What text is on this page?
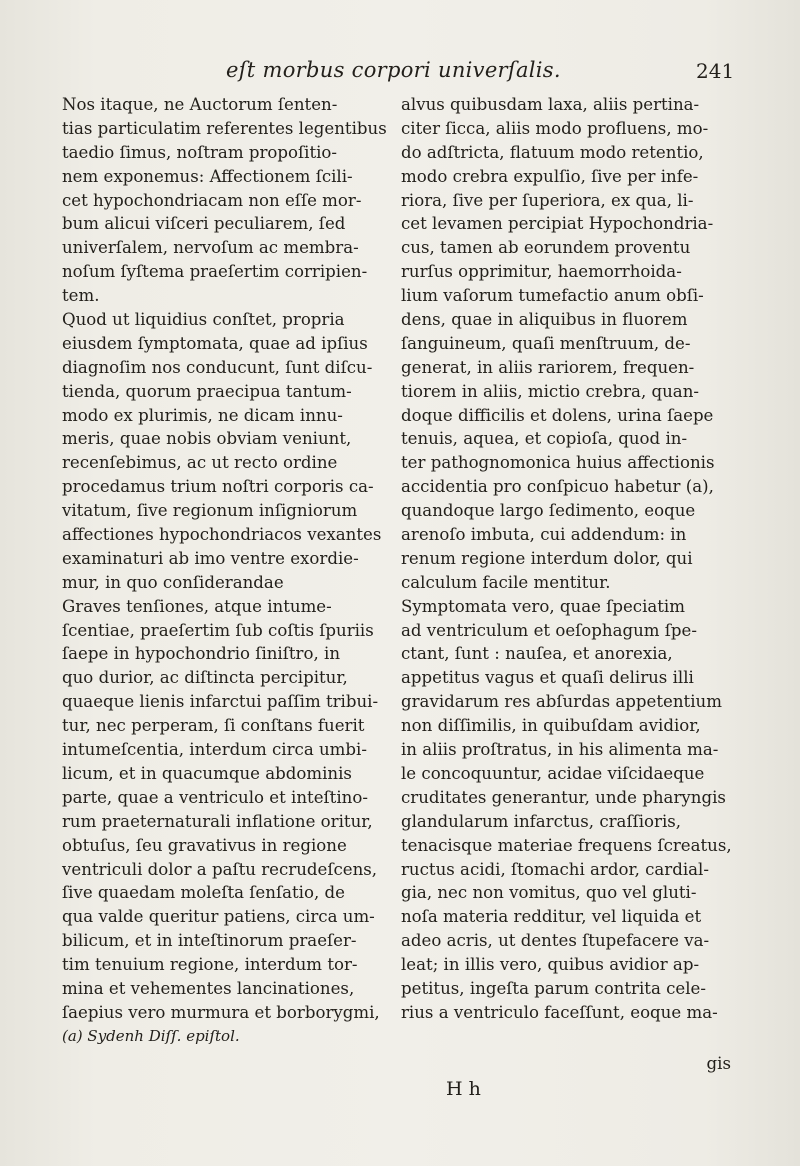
eſt morbus corpori univerſalis.	241
Nos itaque, ne Auctorum ſenten-
tias particulatim referentes legentibus
taedio ſimus, noſtram propoſitio-
nem exponemus: Affectionem ſcili-
cet hypochondriacam non eſſe mor-
bum alicui viſceri peculiarem, ſed
univerſalem, nervoſum ac membra-
noſum ſyſtema praeſertim corripien-
tem.
Quod ut liquidius conſtet, propria
eiusdem ſymptomata, quae ad ipſius
diagnoſim nos conducunt, ſunt diſcu-
tienda, quorum praecipua tantum-
modo ex plurimis, ne dicam innu-
meris, quae nobis obviam veniunt,
recenſebimus, ac ut recto ordine
procedamus trium noſtri corporis ca-
vitatum, ſive regionum inſigniorum
affectiones hypochondriacos vexantes
examinaturi ab imo ventre exordie-
mur, in quo conſiderandae
Graves tenſiones, atque intume-
ſcentiae, praeſertim ſub coſtis ſpuriis
ſaepe in hypochondrio ſiniſtro, in
quo durior, ac diſtincta percipitur,
quaeque lienis infarctui paſſim tribui-
tur, nec perperam, ſi conſtans fuerit
intumeſcentia, interdum circa umbi-
licum, et in quacumque abdominis
parte, quae a ventriculo et inteſtino-
rum praeternaturali inflatione oritur,
obtuſus, ſeu gravativus in regione
ventriculi dolor a paſtu recrudeſcens,
ſive quaedam moleſta ſenſatio, de
qua valde queritur patiens, circa um-
bilicum, et in inteſtinorum praeſer-
tim tenuium regione, interdum tor-
mina et vehementes lancinationes,
ſaepius vero murmura et borborygmi,
(a) Sydenh Diſſ. epiſtol.
alvus quibusdam laxa, aliis pertina-
citer ſicca, aliis modo profluens, mo-
do adſtricta, flatuum modo retentio,
modo crebra expulſio, ſive per infe-
riora, ſive per ſuperiora, ex qua, li-
cet levamen percipiat Hypochondria-
cus, tamen ab eorundem proventu
rurſus opprimitur, haemorrhoida-
lium vaſorum tumefactio anum obſi-
dens, quae in aliquibus in fluorem
ſanguineum, quaſi menſtruum, de-
generat, in aliis rariorem, frequen-
tiorem in aliis, mictio crebra, quan-
doque difficilis et dolens, urina ſaepe
tenuis, aquea, et copioſa, quod in-
ter pathognomonica huius affectionis
accidentia pro conſpicuo habetur (a),
quandoque largo ſedimento, eoque
arenoſo imbuta, cui addendum: in
renum regione interdum dolor, qui
calculum facile mentitur.
Symptomata vero, quae ſpeciatim
ad ventriculum et oeſophagum ſpe-
ctant, ſunt : nauſea, et anorexia,
appetitus vagus et quaſi delirus illi
gravidarum res abſurdas appetentium
non diſſimilis, in quibuſdam avidior,
in aliis proſtratus, in his alimenta ma-
le concoquuntur, acidae viſcidaeque
cruditates generantur, unde pharyngis
glandularum infarctus, craſſioris,
tenacisque materiae frequens ſcreatus,
ructus acidi, ſtomachi ardor, cardial-
gia, nec non vomitus, quo vel gluti-
noſa materia redditur, vel liquida et
adeo acris, ut dentes ſtupefacere va-
leat; in illis vero, quibus avidior ap-
petitus, ingeſta parum contrita cele-
rius a ventriculo faceſſunt, eoque ma-
H h
gis
